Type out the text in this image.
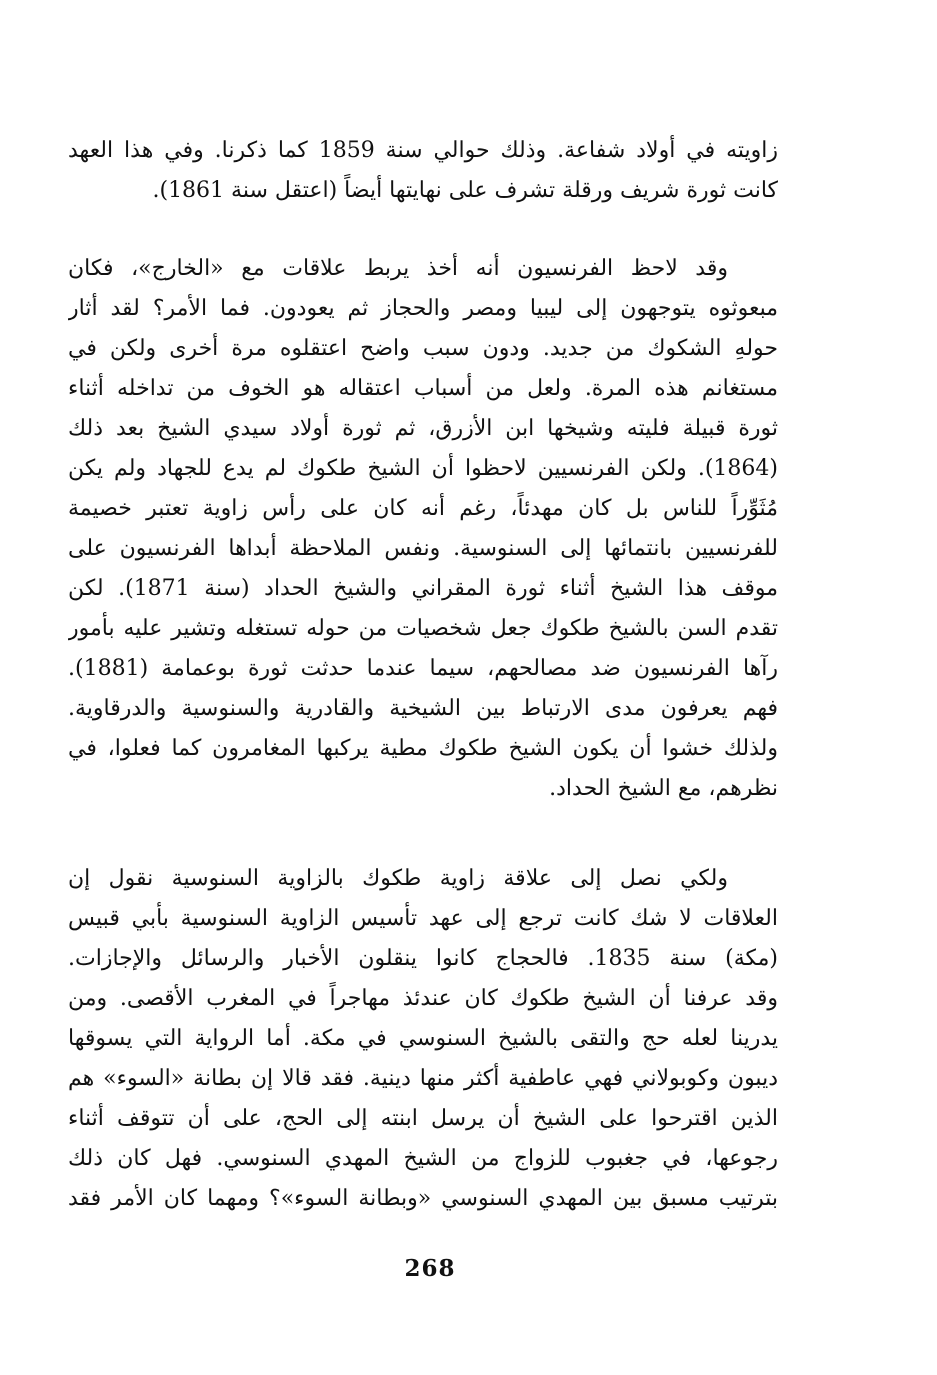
زاويته في أولاد شفاعة. وذلك حوالي سنة 1859 كما ذكرنا. وفي هذا العهد
كانت ثورة شريف ورقلة تشرف على نهايتها أيضاً (اعتقل سنة 1861).
وقد لاحظ الفرنسيون أنه أخذ يربط علاقات مع «الخارج»، فكان
مبعوثوه يتوجهون إلى ليبيا ومصر والحجاز ثم يعودون. فما الأمر؟ لقد أثار
حولهِ الشكوك من جديد. ودون سبب واضح اعتقلوه مرة أخرى ولكن في
مستغانم هذه المرة. ولعل من أسباب اعتقاله هو الخوف من تداخله أثناء
ثورة قبيلة فليته وشيخها ابن الأزرق، ثم ثورة أولاد سيدي الشيخ بعد ذلك
(1864). ولكن الفرنسيين لاحظوا أن الشيخ طكوك لم يدع للجهاد ولم يكن
مُثَوِّراً للناس بل كان مهدئاً، رغم أنه كان على رأس زاوية تعتبر خصيمة
للفرنسيين بانتمائها إلى السنوسية. ونفس الملاحظة أبداها الفرنسيون على
موقف هذا الشيخ أثناء ثورة المقراني والشيخ الحداد (سنة 1871). لكن
تقدم السن بالشيخ طكوك جعل شخصيات من حوله تستغله وتشير عليه بأمور
رآها الفرنسيون ضد مصالحهم، سيما عندما حدثت ثورة بوعمامة (1881).
فهم يعرفون مدى الارتباط بين الشيخية والقادرية والسنوسية والدرقاوية.
ولذلك خشوا أن يكون الشيخ طكوك مطية يركبها المغامرون كما فعلوا، في
نظرهم، مع الشيخ الحداد.
ولكي نصل إلى علاقة زاوية طكوك بالزاوية السنوسية نقول إن
العلاقات لا شك كانت ترجع إلى عهد تأسيس الزاوية السنوسية بأبي قبيس
(مكة) سنة 1835. فالحجاج كانوا ينقلون الأخبار والرسائل والإجازات.
وقد عرفنا أن الشيخ طكوك كان عندئذ مهاجراً في المغرب الأقصى. ومن
يدرينا لعله حج والتقى بالشيخ السنوسي في مكة. أما الرواية التي يسوقها
ديبون وكوبولاني فهي عاطفية أكثر منها دينية. فقد قالا إن بطانة «السوء» هم
الذين اقترحوا على الشيخ أن يرسل ابنته إلى الحج، على أن تتوقف أثناء
رجوعها، في جغبوب للزواج من الشيخ المهدي السنوسي. فهل كان ذلك
بترتيب مسبق بين المهدي السنوسي «وبطانة السوء»؟ ومهما كان الأمر فقد
268
